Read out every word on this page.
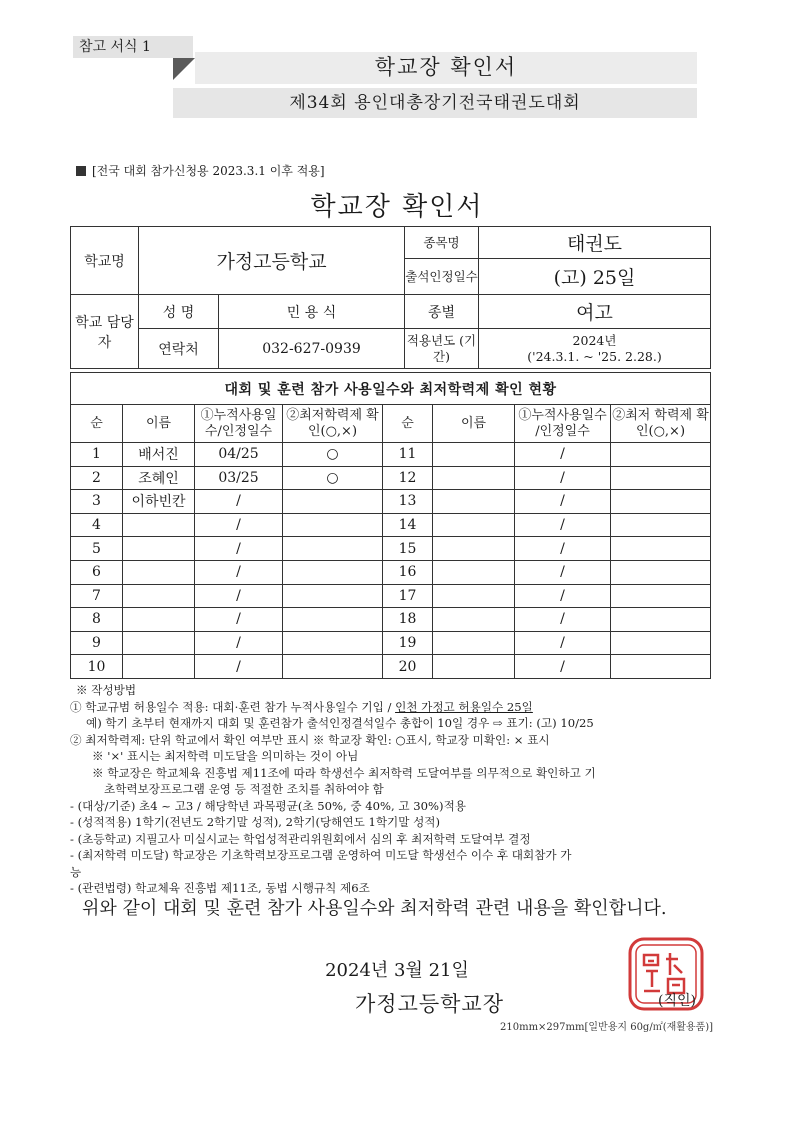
참고 서식 1
학교장 확인서
제34회 용인대총장기전국태권도대회
[전국 대회 참가신청용 2023.3.1 이후 적용]
학교장 확인서
학교명	가정고등학교		종목명	태권도
			출석인정일수	(고) 25일
학교 담당자	성 명	민 용 식	종별	여고
	연락처	032-627-0939	적용년도 (기간)	2024년
('24.3.1. ~ '25. 2.28.)
대회 및 훈련 참가 사용일수와 최저학력제 확인 현황							
순	이름	①누적사용일수/인정일수	②최저학력제 확인(○,×)	순	이름	①누적사용일수 /인정일수	②최저 학력제 확인(○,×)
1	배서진	04/25	○	11		/	
2	조혜인	03/25	○	12		/	
3	이하빈칸	/		13		/	
4		/		14		/	
5		/		15		/	
6		/		16		/	
7		/		17		/	
8		/		18		/	
9		/		19		/	
10		/		20		/	
※ 작성방법
① 학교규범 허용일수 적용: 대회·훈련 참가 누적사용일수 기입 / 인천 가정고 허용일수 25일
예) 학기 초부터 현재까지 대회 및 훈련참가 출석인정결석일수 총합이 10일 경우 ⇨ 표기: (고) 10/25
② 최저학력제: 단위 학교에서 확인 여부만 표시 ※ 학교장 확인: ○표시, 학교장 미확인: × 표시
※ '×' 표시는 최저학력 미도달을 의미하는 것이 아님
※ 학교장은 학교체육 진흥법 제11조에 따라 학생선수 최저학력 도달여부를 의무적으로 확인하고 기
초학력보장프로그램 운영 등 적절한 조치를 취하여야 함
- (대상/기준) 초4 ~ 고3 / 해당학년 과목평균(초 50%, 중 40%, 고 30%)적용
- (성적적용) 1학기(전년도 2학기말 성적), 2학기(당해연도 1학기말 성적)
- (초등학교) 지필고사 미실시교는 학업성적관리위원회에서 심의 후 최저학력 도달여부 결정
- (최저학력 미도달) 학교장은 기초학력보장프로그램 운영하여 미도달 학생선수 이수 후 대회참가 가
능
- (관련법령) 학교체육 진흥법 제11조, 동법 시행규칙 제6조
위와 같이 대회 및 훈련 참가 사용일수와 최저학력 관련 내용을 확인합니다.
2024년 3월 21일
가정고등학교장	(직인)
210mm×297mm[일반용지 60g/㎡(재활용품)]
